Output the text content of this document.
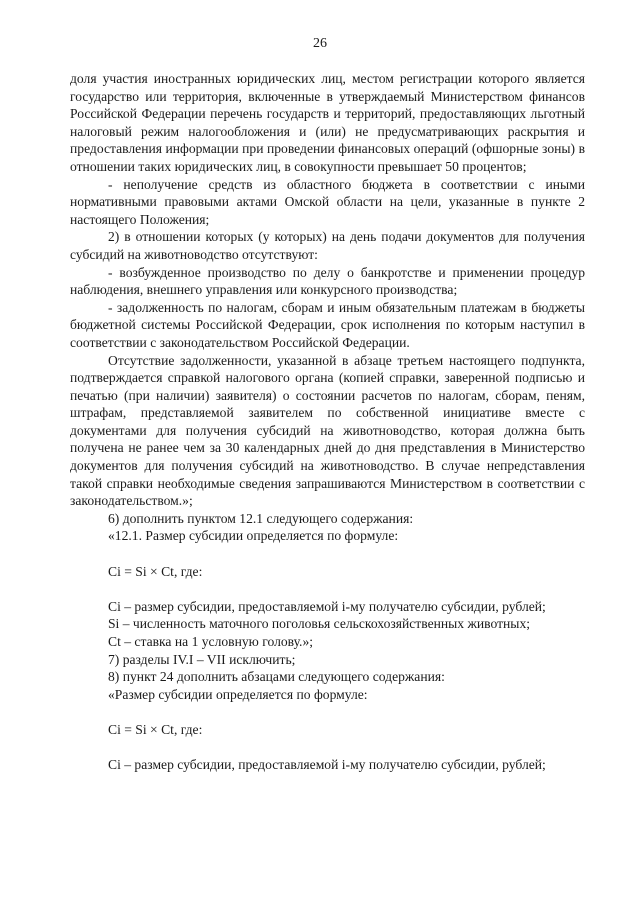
26

доля участия иностранных юридических лиц, местом регистрации которого является государство или территория, включенные в утверждаемый Министерством финансов Российской Федерации перечень государств и территорий, предоставляющих льготный налоговый режим налогообложения и (или) не предусматривающих раскрытия и предоставления информации при проведении финансовых операций (офшорные зоны) в отношении таких юридических лиц, в совокупности превышает 50 процентов;

- неполучение средств из областного бюджета в соответствии с иными нормативными правовыми актами Омской области на цели, указанные в пункте 2 настоящего Положения;

2) в отношении которых (у которых) на день подачи документов для получения субсидий на животноводство отсутствуют:

- возбужденное производство по делу о банкротстве и применении процедур наблюдения, внешнего управления или конкурсного производства;

- задолженность по налогам, сборам и иным обязательным платежам в бюджеты бюджетной системы Российской Федерации, срок исполнения по которым наступил в соответствии с законодательством Российской Федерации.

Отсутствие задолженности, указанной в абзаце третьем настоящего подпункта, подтверждается справкой налогового органа (копией справки, заверенной подписью и печатью (при наличии) заявителя) о состоянии расчетов по налогам, сборам, пеням, штрафам, представляемой заявителем по собственной инициативе вместе с документами для получения субсидий на животноводство, которая должна быть получена не ранее чем за 30 календарных дней до дня представления в Министерство документов для получения субсидий на животноводство. В случае непредставления такой справки необходимые сведения запрашиваются Министерством в соответствии с законодательством.»;

6) дополнить пунктом 12.1 следующего содержания:

«12.1. Размер субсидии определяется по формуле:

Ci = Si × Ct, где:

Ci – размер субсидии, предоставляемой i-му получателю субсидии, рублей;

Si – численность маточного поголовья сельскохозяйственных животных;

Ct – ставка на 1 условную голову.»;

7) разделы IV.I – VII исключить;

8) пункт 24 дополнить абзацами следующего содержания:

«Размер субсидии определяется по формуле:

Ci = Si × Ct, где:

Ci – размер субсидии, предоставляемой i-му получателю субсидии, рублей;
